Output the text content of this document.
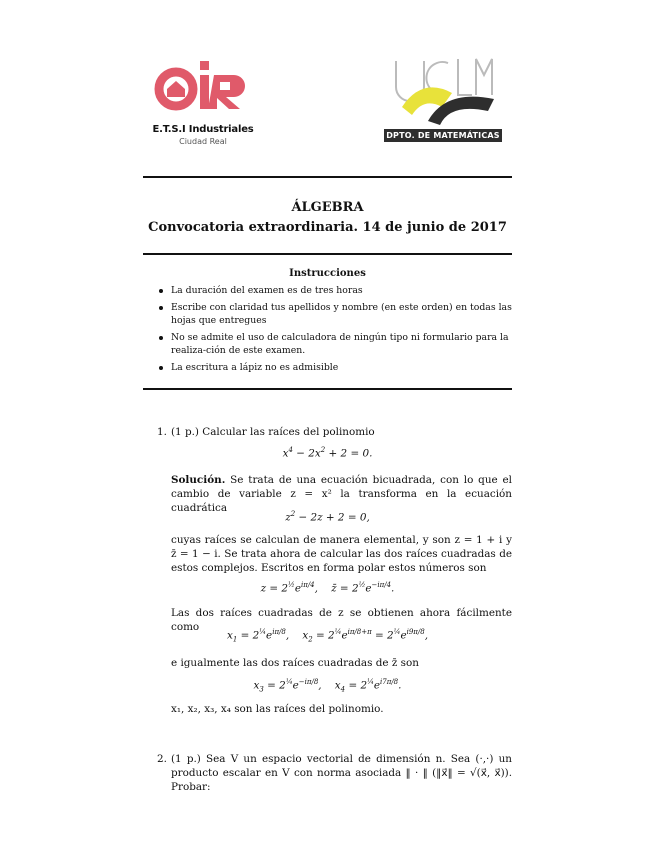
E.T.S.I Industriales
Ciudad Real
DPTO. DE MATEMÁTICAS
ÁLGEBRA
Convocatoria extraordinaria. 14 de junio de 2017
Instrucciones
La duración del examen es de tres horas
Escribe con claridad tus apellidos y nombre (en este orden) en todas las hojas que entregues
No se admite el uso de calculadora de ningún tipo ni formulario para la realiza-ción de este examen.
La escritura a lápiz no es admisible
1. (1 p.) Calcular las raíces del polinomio
$x^4 - 2x^2 + 2 = 0$.
Solución. Se trata de una ecuación bicuadrada, con lo que el cambio de variable z = x² la transforma en la ecuación cuadrática
$z^2 - 2z + 2 = 0$,
cuyas raíces se calculan de manera elemental, y son z = 1 + i y z̄ = 1 − i. Se trata ahora de calcular las dos raíces cuadradas de estos complejos. Escritos en forma polar estos números son
$z = 2^{\frac{1}{2}}e^{i\pi/4}$,    z̄ = $2^{\frac{1}{2}}e^{-i\pi/4}$.
Las dos raíces cuadradas de z se obtienen ahora fácilmente como
$x_1 = 2^{\frac{1}{4}}e^{i\pi/8}$,    $x_2 = 2^{\frac{1}{4}}e^{i\pi/8+\pi} = 2^{\frac{1}{4}}e^{i9\pi/8}$,
e igualmente las dos raíces cuadradas de z̄ son
$x_3 = 2^{\frac{1}{4}}e^{-i\pi/8}$,    $x_4 = 2^{\frac{1}{4}}e^{i7\pi/8}$.
x₁, x₂, x₃, x₄ son las raíces del polinomio.
2. (1 p.) Sea V un espacio vectorial de dimensión n. Sea (·,·) un producto escalar en V con norma asociada ‖ · ‖ (‖x⃗‖ = √(x⃗, x⃗)). Probar:
